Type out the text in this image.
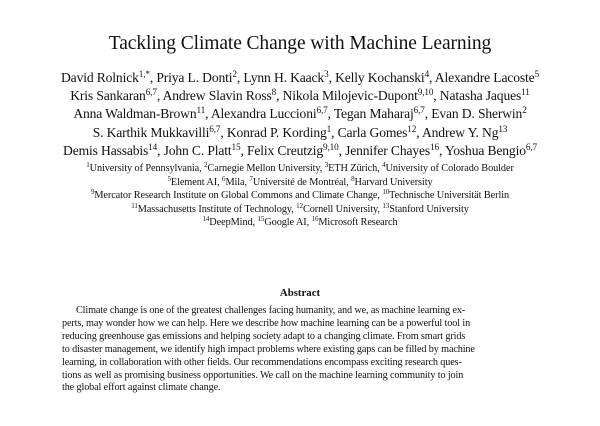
Tackling Climate Change with Machine Learning
David Rolnick$^{1,*}$, Priya L. Donti$^2$, Lynn H. Kaack$^3$, Kelly Kochanski$^4$, Alexandre Lacoste$^5$
Kris Sankaran$^{6,7}$, Andrew Slavin Ross$^8$, Nikola Milojevic-Dupont$^{9,10}$, Natasha Jaques$^{11}$
Anna Waldman-Brown$^{11}$, Alexandra Luccioni$^{6,7}$, Tegan Maharaj$^{6,7}$, Evan D. Sherwin$^2$
S. Karthik Mukkavilli$^{6,7}$, Konrad P. Kording$^1$, Carla Gomes$^{12}$, Andrew Y. Ng$^{13}$
Demis Hassabis$^{14}$, John C. Platt$^{15}$, Felix Creutzig$^{9,10}$, Jennifer Chayes$^{16}$, Yoshua Bengio$^{6,7}$
$^1$University of Pennsylvania, $^2$Carnegie Mellon University, $^3$ETH Zürich, $^4$University of Colorado Boulder
$^5$Element AI, $^6$Mila, $^7$Université de Montréal, $^8$Harvard University
$^9$Mercator Research Institute on Global Commons and Climate Change, $^{10}$Technische Universität Berlin
$^{11}$Massachusetts Institute of Technology, $^{12}$Cornell University, $^{13}$Stanford University
$^{14}$DeepMind, $^{15}$Google AI, $^{16}$Microsoft Research
Abstract
Climate change is one of the greatest challenges facing humanity, and we, as machine learning ex-
perts, may wonder how we can help. Here we describe how machine learning can be a powerful tool in
reducing greenhouse gas emissions and helping society adapt to a changing climate. From smart grids
to disaster management, we identify high impact problems where existing gaps can be filled by machine
learning, in collaboration with other fields. Our recommendations encompass exciting research ques-
tions as well as promising business opportunities. We call on the machine learning community to join
the global effort against climate change.
